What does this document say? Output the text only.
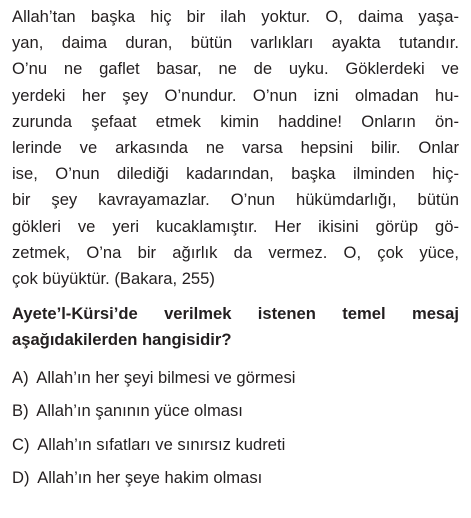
Allah’tan başka hiç bir ilah yoktur. O, daima yaşa-
yan, daima duran, bütün varlıkları ayakta tutandır.
O’nu ne gaflet basar, ne de uyku. Göklerdeki ve
yerdeki her şey O’nundur. O’nun izni olmadan hu-
zurunda şefaat etmek kimin haddine! Onların ön-
lerinde ve arkasında ne varsa hepsini bilir. Onlar
ise, O’nun dilediği kadarından, başka ilminden hiç-
bir şey kavrayamazlar. O’nun hükümdarlığı, bütün
gökleri ve yeri kucaklamıştır. Her ikisini görüp gö-
zetmek, O’na bir ağırlık da vermez. O, çok yüce,
çok büyüktür. (Bakara, 255)

Ayete’l-Kürsi’de verilmek istenen temel mesaj
aşağıdakilerden hangisidir?

A) Allah’ın her şeyi bilmesi ve görmesi
B) Allah’ın şanının yüce olması
C) Allah’ın sıfatları ve sınırsız kudreti
D) Allah’ın her şeye hakim olması
